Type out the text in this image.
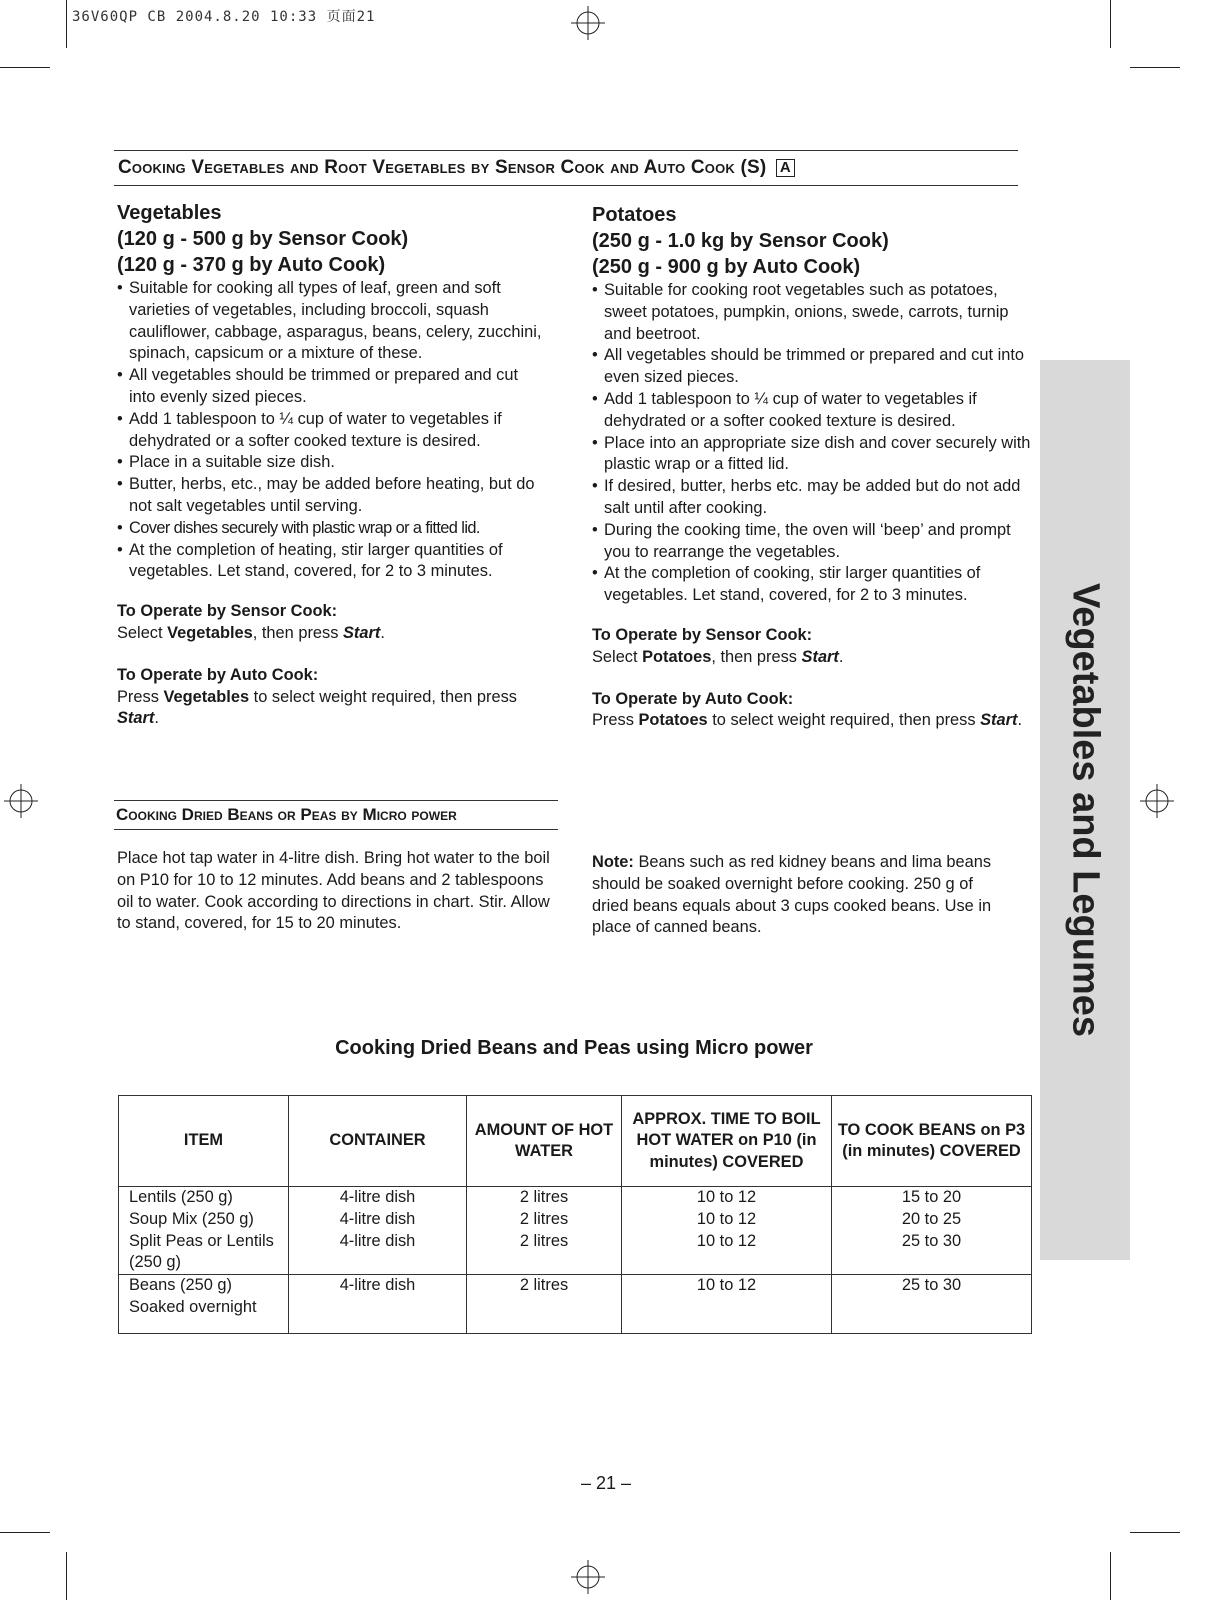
36V60QP CB 2004.8.20 10:33 页面21
Cooking Vegetables and Root Vegetables by Sensor Cook and Auto Cook (S) A
Vegetables
(120 g - 500 g by Sensor Cook)
(120 g - 370 g by Auto Cook)
• Suitable for cooking all types of leaf, green and soft varieties of vegetables, including broccoli, squash cauliflower, cabbage, asparagus, beans, celery, zucchini, spinach, capsicum or a mixture of these.
• All vegetables should be trimmed or prepared and cut into evenly sized pieces.
• Add 1 tablespoon to ¼ cup of water to vegetables if dehydrated or a softer cooked texture is desired.
• Place in a suitable size dish.
• Butter, herbs, etc., may be added before heating, but do not salt vegetables until serving.
• Cover dishes securely with plastic wrap or a fitted lid.
• At the completion of heating, stir larger quantities of vegetables. Let stand, covered, for 2 to 3 minutes.
To Operate by Sensor Cook:
Select Vegetables, then press Start.
To Operate by Auto Cook:
Press Vegetables to select weight required, then press Start.
Potatoes
(250 g - 1.0 kg by Sensor Cook)
(250 g - 900 g by Auto Cook)
• Suitable for cooking root vegetables such as potatoes, sweet potatoes, pumpkin, onions, swede, carrots, turnip and beetroot.
• All vegetables should be trimmed or prepared and cut into even sized pieces.
• Add 1 tablespoon to ¼ cup of water to vegetables if dehydrated or a softer cooked texture is desired.
• Place into an appropriate size dish and cover securely with plastic wrap or a fitted lid.
• If desired, butter, herbs etc. may be added but do not add salt until after cooking.
• During the cooking time, the oven will ‘beep’ and prompt you to rearrange the vegetables.
• At the completion of cooking, stir larger quantities of vegetables. Let stand, covered, for 2 to 3 minutes.
To Operate by Sensor Cook:
Select Potatoes, then press Start.
To Operate by Auto Cook:
Press Potatoes to select weight required, then press Start.
Cooking Dried Beans or Peas by Micro power
Place hot tap water in 4-litre dish. Bring hot water to the boil on P10 for 10 to 12 minutes. Add beans and 2 tablespoons oil to water. Cook according to directions in chart. Stir. Allow to stand, covered, for 15 to 20 minutes.
Note: Beans such as red kidney beans and lima beans should be soaked overnight before cooking. 250 g of dried beans equals about 3 cups cooked beans. Use in place of canned beans.	Vegetables and Legumes
Cooking Dried Beans and Peas using Micro power
ITEM	CONTAINER	AMOUNT OF HOT WATER	APPROX. TIME TO BOIL HOT WATER on P10 (in minutes) COVERED	TO COOK BEANS on P3 (in minutes) COVERED
Lentils (250 g)	4-litre dish	2 litres	10 to 12	15 to 20
Soup Mix (250 g)	4-litre dish	2 litres	10 to 12	20 to 25
Split Peas or Lentils (250 g)	4-litre dish	2 litres	10 to 12	25 to 30
Beans (250 g) Soaked overnight	4-litre dish	2 litres	10 to 12	25 to 30
– 21 –
